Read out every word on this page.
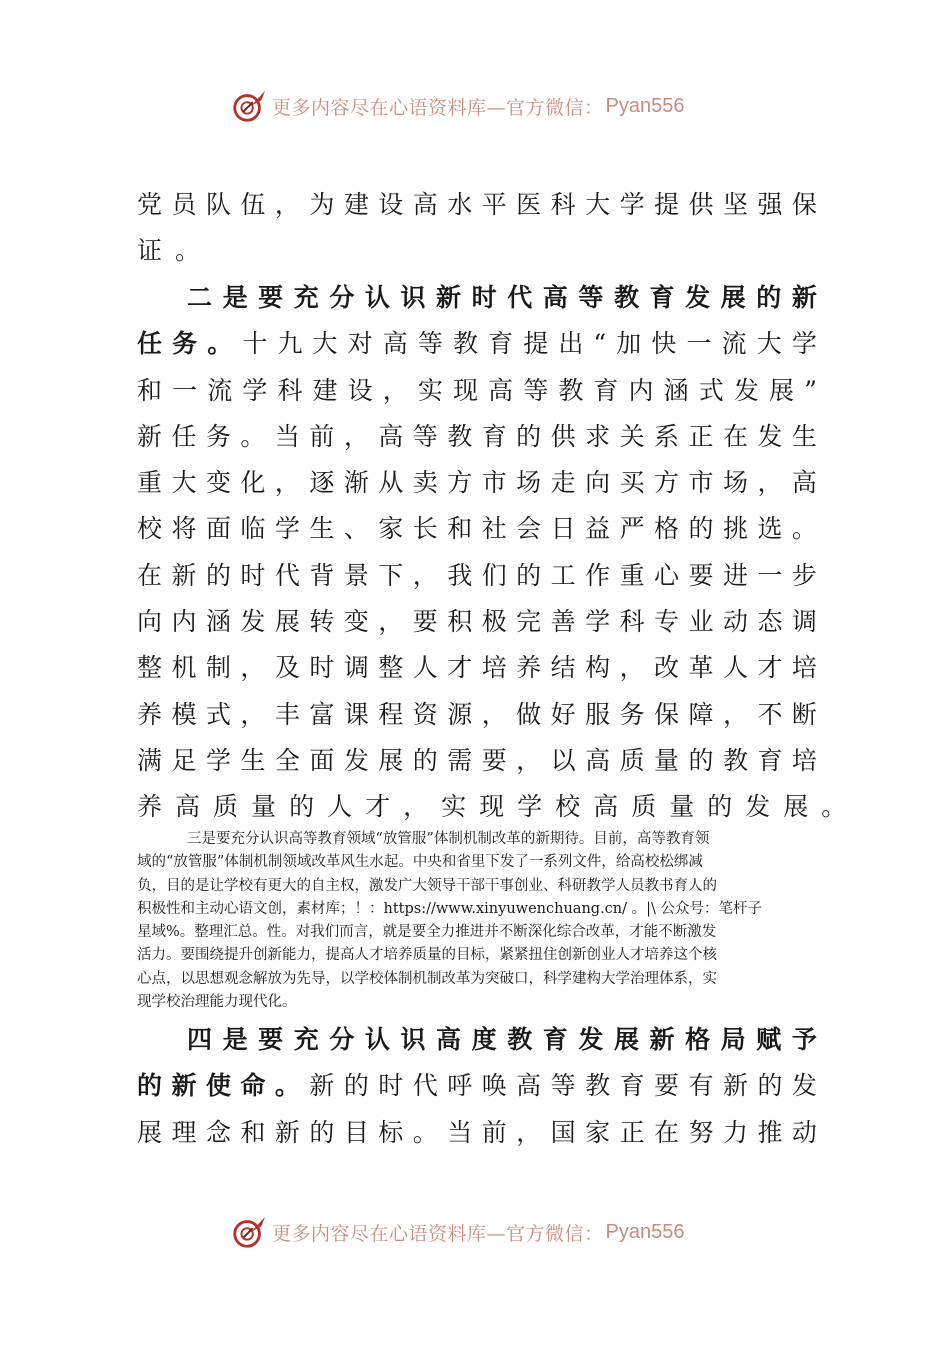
更多内容尽在心语资料库—官方微信： Pyan556
党 员 队 伍 ， 为 建 设 高 水 平 医 科 大 学 提 供 坚 强 保
证。
二 是 要 充 分 认 识 新 时 代 高 等 教 育 发 展 的 新
任 务 。 十 九 大 对 高 等 教 育 提 出 “ 加 快 一 流 大 学
和 一 流 学 科 建 设 ， 实 现 高 等 教 育 内 涵 式 发 展 ”
新 任 务 。 当 前 ， 高 等 教 育 的 供 求 关 系 正 在 发 生
重 大 变 化 ， 逐 渐 从 卖 方 市 场 走 向 买 方 市 场 ， 高
校 将 面 临 学 生 、 家 长 和 社 会 日 益 严 格 的 挑 选 。
在 新 的 时 代 背 景 下 ， 我 们 的 工 作 重 心 要 进 一 步
向 内 涵 发 展 转 变 ， 要 积 极 完 善 学 科 专 业 动 态 调
整 机 制 ， 及 时 调 整 人 才 培 养 结 构 ， 改 革 人 才 培
养 模 式 ， 丰 富 课 程 资 源 ， 做 好 服 务 保 障 ， 不 断
满 足 学 生 全 面 发 展 的 需 要 ， 以 高 质 量 的 教 育 培
养 高 质 量 的 人 才 ， 实 现 学 校 高 质 量 的 发 展 。
三是要充分认识高等教育领域“放管服”体制机制改革的新期待。目前，高等教育领
域的“放管服”体制机制领域改革风生水起。中央和省里下发了一系列文件，给高校松绑减
负，目的是让学校有更大的自主权，激发广大领导干部干事创业、科研教学人员教书育人的
积极性和主动心语文创，素材库；！：https://www.xinyuwenchuang.cn/ 。|\ 公众号：笔杆子
星域%。整理汇总。性。对我们而言，就是要全力推进并不断深化综合改革，才能不断激发
活力。要围绕提升创新能力，提高人才培养质量的目标，紧紧扭住创新创业人才培养这个核
心点，以思想观念解放为先导，以学校体制机制改革为突破口，科学建构大学治理体系，实
现学校治理能力现代化。
四 是 要 充 分 认 识 高 度 教 育 发 展 新 格 局 赋 予
的 新 使 命 。 新 的 时 代 呼 唤 高 等 教 育 要 有 新 的 发
展 理 念 和 新 的 目 标 。 当 前 ， 国 家 正 在 努 力 推 动
更多内容尽在心语资料库—官方微信： Pyan556
